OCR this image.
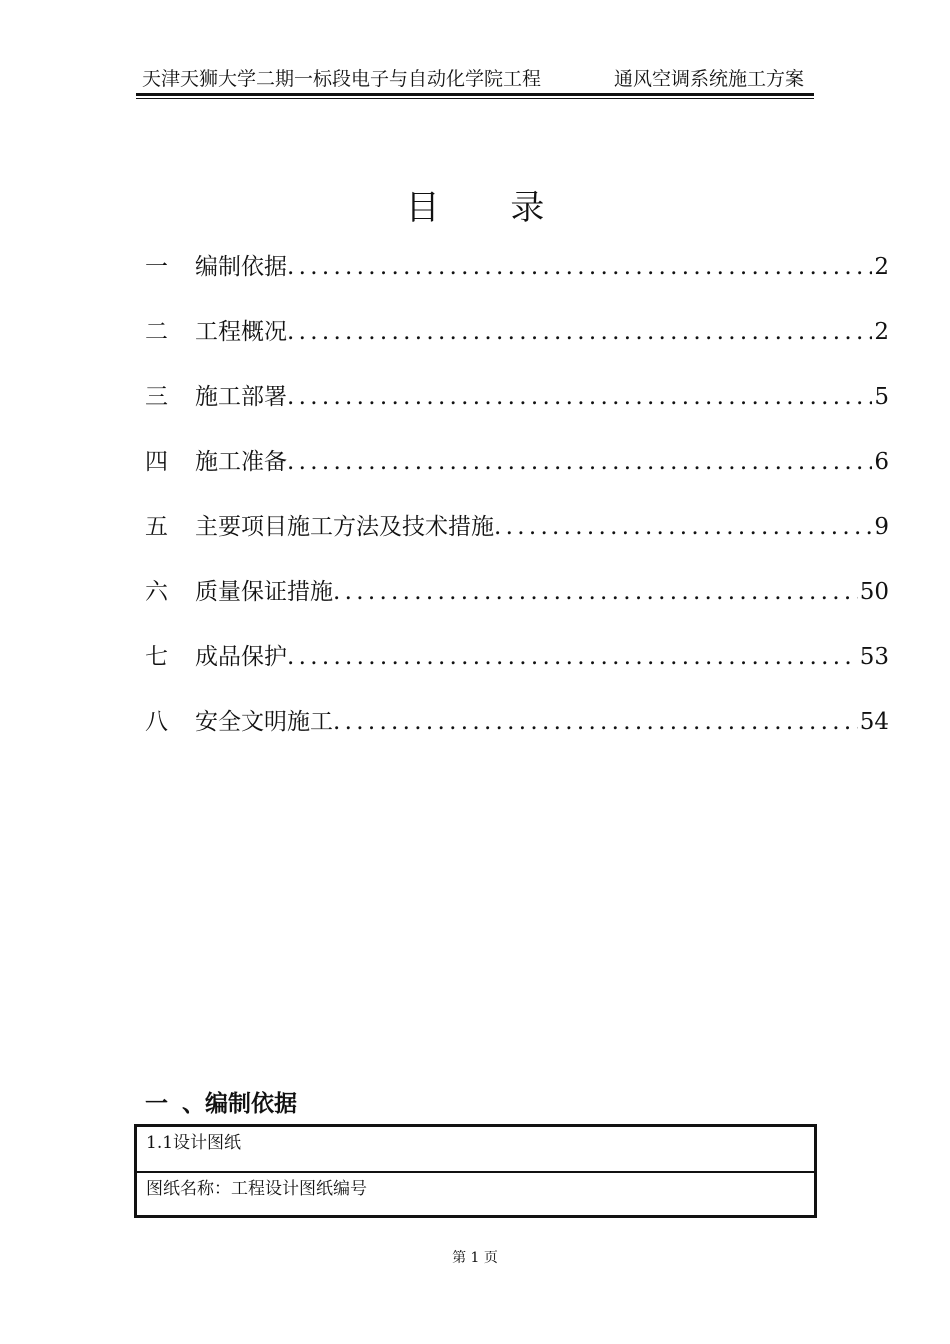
天津天狮大学二期一标段电子与自动化学院工程	通风空调系统施工方案
目 录
一	编制依据 .....	2
二	工程概况 .....	2
三	施工部署 .....	5
四	施工准备 .....	6
五	主要项目施工方法及技术措施 .....	9
六	质量保证措施 .....	50
七	成品保护 .....	53
八	安全文明施工 .....	54
一 、编制依据
1.1设计图纸
图纸名称：工程设计图纸编号
第 1 页
